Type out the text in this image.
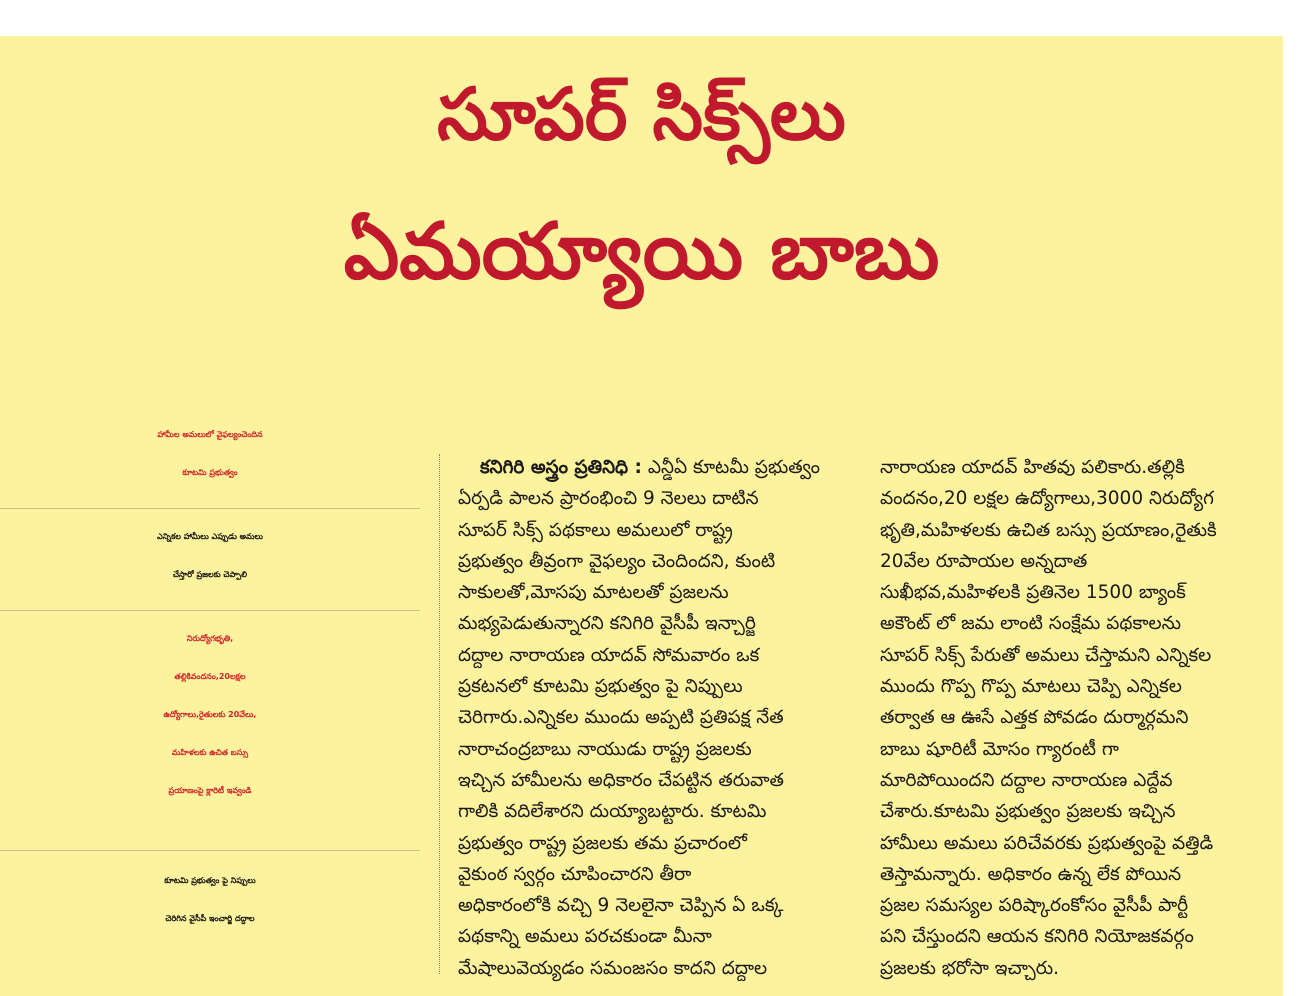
సూపర్ సిక్స్‌లు
ఏమయ్యాయి బాబు

హామీల అమలులో వైఫల్యంచెందిన

కూటమి ప్రభుత్వం

ఎన్నికల హామీలు ఎప్పుడు అమలు

చేస్తారో ప్రజలకు చెప్పాలి

నిరుద్యోగభృతి,

తల్లికివందనం,20లక్షల

ఉద్యోగాలు,రైతులకు 20వేలు,

మహిళలకు ఉచిత బస్సు

ప్రయాణంపై క్లారిటీ ఇవ్వండి

కూటమి ప్రభుత్వం పై నిప్పులు

చెరిగిన వైసీపీ ఇంచార్జి దద్దాల

కనిగిరి అస్త్రం ప్రతినిధి : ఎన్డీఏ కూటమీ ప్రభుత్వం

ఏర్పడి పాలన ప్రారంభించి 9 నెలలు దాటిన

సూపర్ సిక్స్ పథకాలు అమలులో రాష్ట్ర

ప్రభుత్వం తీవ్రంగా వైఫల్యం చెందిందని, కుంటి

సాకులతో,మోసపు మాటలతో ప్రజలను

మభ్యపెడుతున్నారని కనిగిరి వైసీపీ ఇన్చార్జి

దద్దాల నారాయణ యాదవ్ సోమవారం ఒక

ప్రకటనలో కూటమి ప్రభుత్వం పై నిప్పులు

చెరిగారు.ఎన్నికల ముందు అప్పటి ప్రతిపక్ష నేత

నారాచంద్రబాబు నాయుడు రాష్ట్ర ప్రజలకు

ఇచ్చిన హామీలను అధికారం చేపట్టిన తరువాత

గాలికి వదిలేశారని దుయ్యాబట్టారు. కూటమి

ప్రభుత్వం రాష్ట్ర ప్రజలకు తమ ప్రచారంలో

వైకుంఠ స్వర్గం చూపించారని తీరా

అధికారంలోకి వచ్చి 9 నెలలైనా చెప్పిన ఏ ఒక్క

పథకాన్ని అమలు పరచకుండా మీనా

మేషాలువెయ్యడం సమంజసం కాదని దద్దాల

నారాయణ యాదవ్ హితవు పలికారు.తల్లికి

వందనం,20 లక్షల ఉద్యోగాలు,3000 నిరుద్యోగ

భృతి,మహిళలకు ఉచిత బస్సు ప్రయాణం,రైతుకి

20వేల రూపాయల అన్నదాత

సుఖీభవ,మహిళలకి ప్రతినెల 1500 బ్యాంక్

అకౌంట్ లో జమ లాంటి సంక్షేమ పథకాలను

సూపర్ సిక్స్ పేరుతో అమలు చేస్తామని ఎన్నికల

ముందు గొప్ప గొప్ప మాటలు చెప్పి ఎన్నికల

తర్వాత ఆ ఊసే ఎత్తక పోవడం దుర్మార్గమని

బాబు షూరిటీ మోసం గ్యారంటీ గా

మారిపోయిందని దద్దాల నారాయణ ఎద్దేవ

చేశారు.కూటమి ప్రభుత్వం ప్రజలకు ఇచ్చిన

హామీలు అమలు పరిచేవరకు ప్రభుత్వంపై వత్తిడి

తెస్తామన్నారు. అధికారం ఉన్న లేక పోయిన

ప్రజల సమస్యల పరిష్కారంకోసం వైసీపీ పార్టీ

పని చేస్తుందని ఆయన కనిగిరి నియోజకవర్గం

ప్రజలకు భరోసా ఇచ్చారు.
